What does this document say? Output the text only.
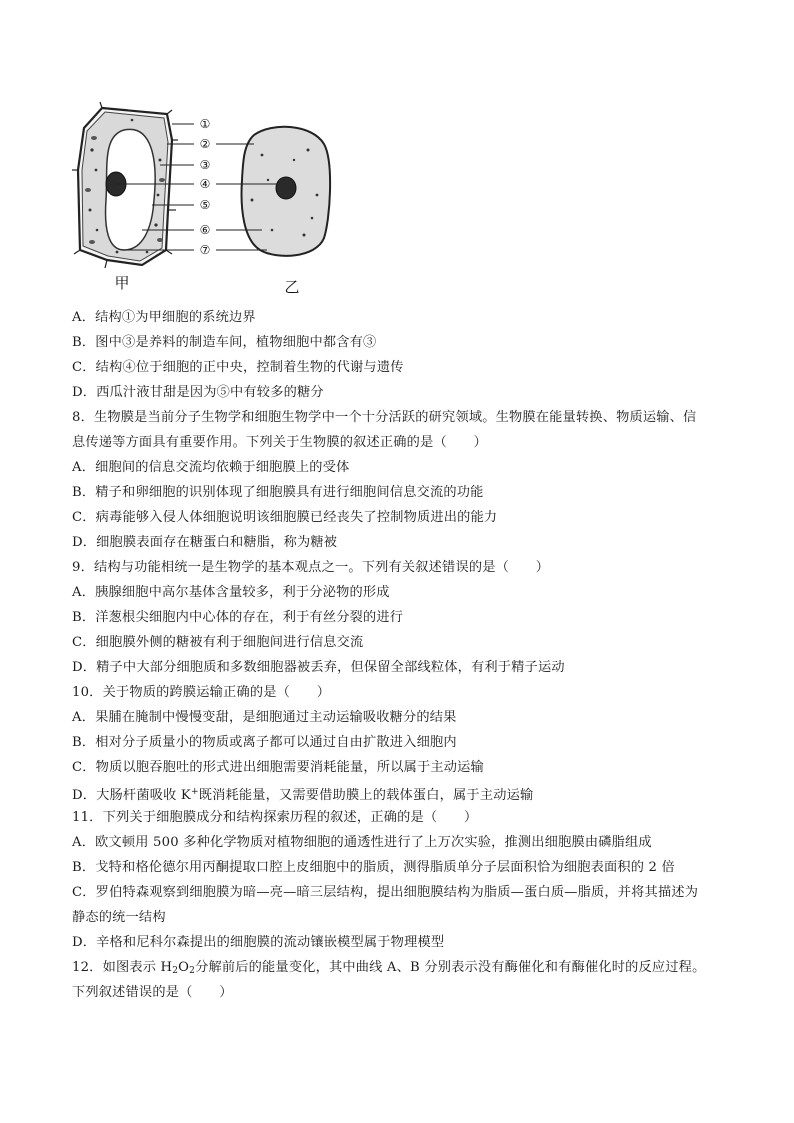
①
②
③
④
⑤
⑥
⑦
甲	乙
A．结构①为甲细胞的系统边界
B．图中③是养料的制造车间，植物细胞中都含有③
C．结构④位于细胞的正中央，控制着生物的代谢与遗传
D．西瓜汁液甘甜是因为⑤中有较多的糖分
8．生物膜是当前分子生物学和细胞生物学中一个十分活跃的研究领域。生物膜在能量转换、物质运输、信
息传递等方面具有重要作用。下列关于生物膜的叙述正确的是（　　）
A．细胞间的信息交流均依赖于细胞膜上的受体
B．精子和卵细胞的识别体现了细胞膜具有进行细胞间信息交流的功能
C．病毒能够入侵人体细胞说明该细胞膜已经丧失了控制物质进出的能力
D．细胞膜表面存在糖蛋白和糖脂，称为糖被
9．结构与功能相统一是生物学的基本观点之一。下列有关叙述错误的是（　　）
A．胰腺细胞中高尔基体含量较多，利于分泌物的形成
B．洋葱根尖细胞内中心体的存在，利于有丝分裂的进行
C．细胞膜外侧的糖被有利于细胞间进行信息交流
D．精子中大部分细胞质和多数细胞器被丢弃，但保留全部线粒体，有利于精子运动
10．关于物质的跨膜运输正确的是（　　）
A．果脯在腌制中慢慢变甜，是细胞通过主动运输吸收糖分的结果
B．相对分子质量小的物质或离子都可以通过自由扩散进入细胞内
C．物质以胞吞胞吐的形式进出细胞需要消耗能量，所以属于主动运输
D．大肠杆菌吸收 K+既消耗能量，又需要借助膜上的载体蛋白，属于主动运输
11．下列关于细胞膜成分和结构探索历程的叙述，正确的是（　　）
A．欧文顿用 500 多种化学物质对植物细胞的通透性进行了上万次实验，推测出细胞膜由磷脂组成
B．戈特和格伦德尔用丙酮提取口腔上皮细胞中的脂质，测得脂质单分子层面积恰为细胞表面积的 2 倍
C．罗伯特森观察到细胞膜为暗—亮—暗三层结构，提出细胞膜结构为脂质—蛋白质—脂质，并将其描述为
静态的统一结构
D．辛格和尼科尔森提出的细胞膜的流动镶嵌模型属于物理模型
12．如图表示 $H_2O_2$分解前后的能量变化，其中曲线 A、B 分别表示没有酶催化和有酶催化时的反应过程。
下列叙述错误的是（　　）
